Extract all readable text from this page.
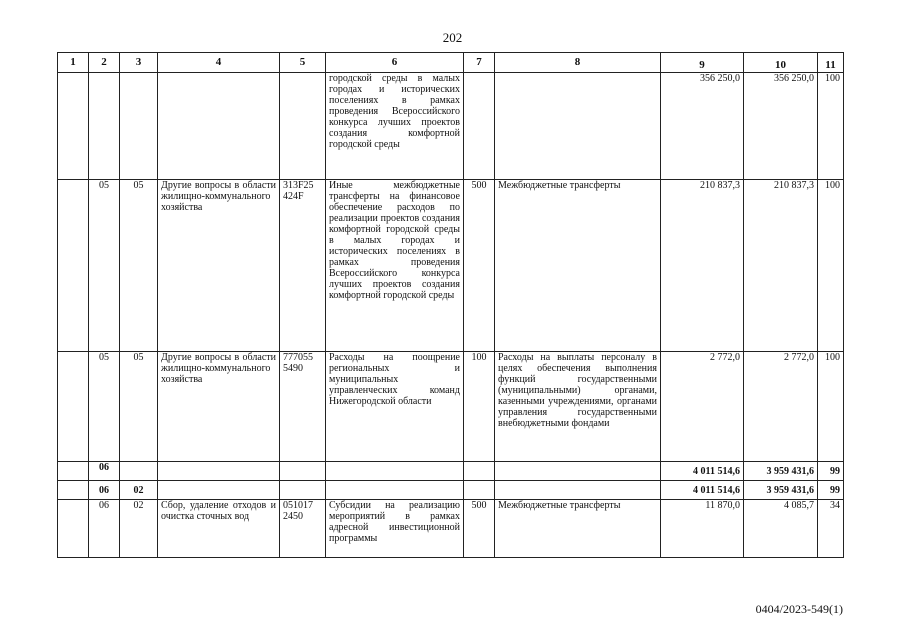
202
1	2	3	4	5	6	7	8	9	10	11
					городской среды в малых городах и исторических поселениях в рамках проведения Всероссийского конкурса лучших проектов создания комфортной городской среды			356 250,0	356 250,0	100
	05	05	Другие вопросы в области жилищно-коммунального хозяйства	313F25 424F	Иные межбюджетные трансферты на финансовое обеспечение расходов по реализации проектов создания комфортной городской среды в малых городах и исторических поселениях в рамках проведения Всероссийского конкурса лучших проектов создания комфортной городской среды	500	Межбюджетные трансферты	210 837,3	210 837,3	100
	05	05	Другие вопросы в области жилищно-коммунального хозяйства	777055 5490	Расходы на поощрение региональных и муниципальных управленческих команд Нижегородской области	100	Расходы на выплаты персоналу в целях обеспечения выполнения функций государственными (муниципальными) органами, казенными учреждениями, органами управления государственными внебюджетными фондами	2 772,0	2 772,0	100
	06							4 011 514,6	3 959 431,6	99
	06	02						4 011 514,6	3 959 431,6	99
	06	02	Сбор, удаление отходов и очистка сточных вод	051017 2450	Субсидии на реализацию мероприятий в рамках адресной инвестиционной программы	500	Межбюджетные трансферты	11 870,0	4 085,7	34
0404/2023-549(1)
